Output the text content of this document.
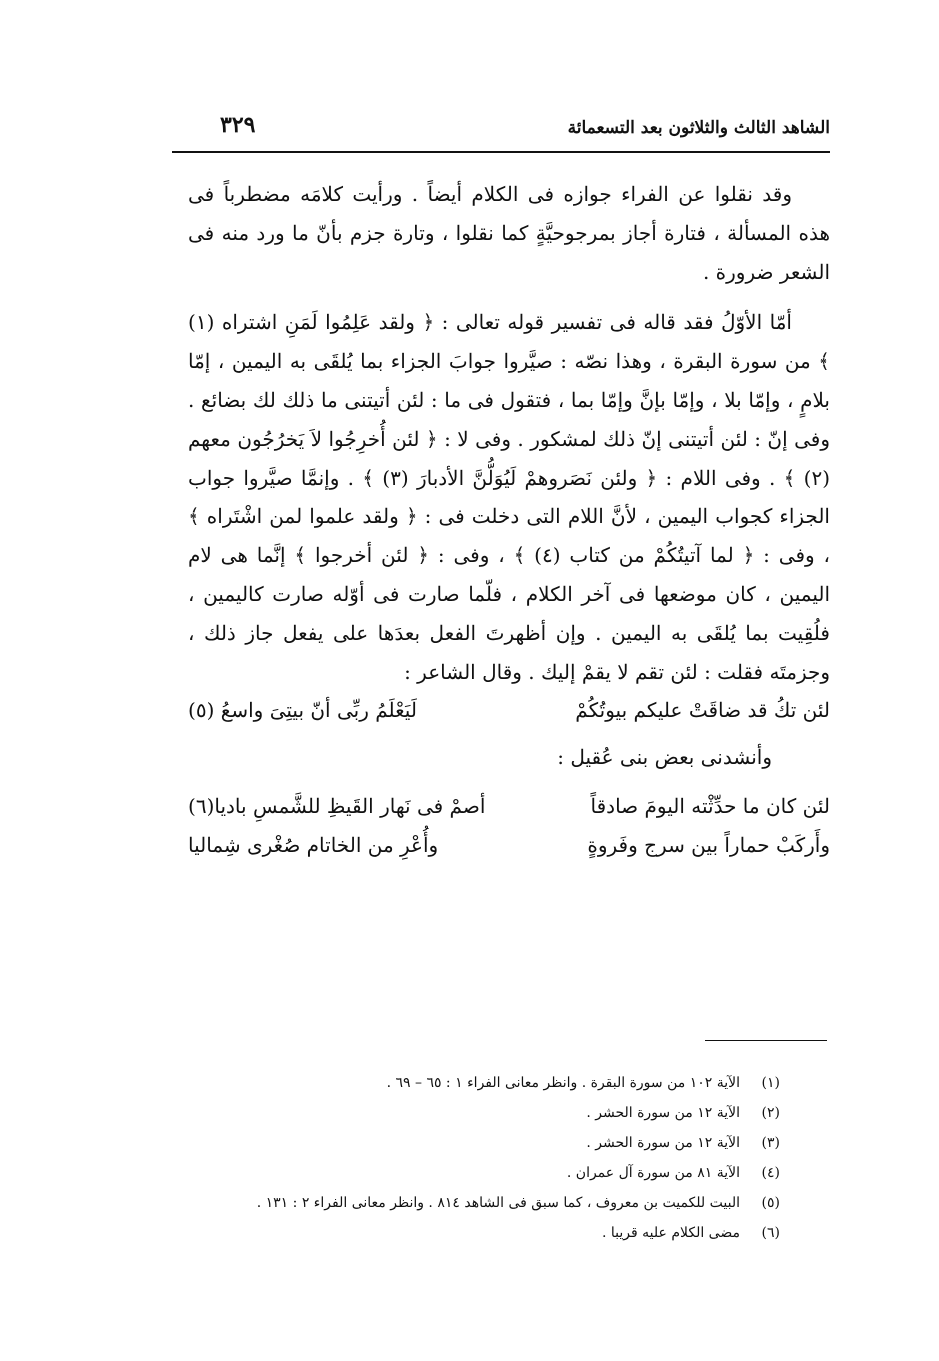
الشاهد الثالث والثلاثون بعد التسعمائة
٣٢٩

وقد نقلوا عن الفراء جوازه فى الكلام أيضاً . ورأيت كلامَه مضطرباً فى هذه المسألة ، فتارة أجاز بمرجوحيَّةٍ كما نقلوا ، وتارة جزم بأنّ ما ورد منه فى الشعر ضرورة .

أمّا الأوّلُ فقد قاله فى تفسير قوله تعالى : ﴿ ولقد عَلِمُوا لَمَنِ اشتراه (١) ﴾ من سورة البقرة ، وهذا نصّه : صيَّروا جوابَ الجزاء بما يُلقَى به اليمين ، إمّا بلامٍ ، وإمّا بلا ، وإمّا بإنَّ وإمّا بما ، فتقول فى ما : لئن أتيتنى ما ذلك لك بضائع . وفى إنّ : لئن أتيتنى إنّ ذلك لمشكور . وفى لا : ﴿ لئن أُخرِجُوا لاَ يَخرُجُون معهم (٢) ﴾ . وفى اللام : ﴿ ولئن نَصَروهمْ لَيُوَلُّنَّ الأدبارَ (٣) ﴾ . وإنمَّا صيَّروا جواب الجزاء كجواب اليمين ، لأنَّ اللام التى دخلت فى : ﴿ ولقد علموا لمن اشْتَراه ﴾ ، وفى : ﴿ لما آتيتُكُمْ من كتاب (٤) ﴾ ، وفى : ﴿ لئن أخرجوا ﴾ إنَّما هى لام اليمين ، كان موضعها فى آخر الكلام ، فلّما صارت فى أوّله صارت كاليمين ، فلُقِيت بما يُلقَى به اليمين . وإن أظهرتَ الفعل بعدَها على يفعل جاز ذلك ، وجزمتَه فقلت : لئن تقم لا يقمْ إليك . وقال الشاعر :

لئن تكُ قد ضاقَتْ عليكم بيوتُكُمْ
لَيَعْلَمُ ربِّى أنّ بيتِىَ واسعُ (٥)

وأنشدنى بعض بنى عُقيل :

لئن كان ما حدِّثْته اليومَ صادقاً
أصمْ فى نَهار القَيظِ للشَّمسِ باديا(٦)
وأَركَبْ حماراً بين سرج وفَروةٍ
وأُعْرِ من الخاتام صُغْرى شِماليا
(١)الآية ١٠٢ من سورة البقرة . وانظر معانى الفراء ١ : ٦٥ – ٦٩ .
(٢)الآية ١٢ من سورة الحشر .
(٣)الآية ١٢ من سورة الحشر .
(٤)الآية ٨١ من سورة آل عمران .
(٥)البيت للكميت بن معروف ، كما سبق فى الشاهد ٨١٤ . وانظر معانى الفراء ٢ : ١٣١ .
(٦)مضى الكلام عليه قريبا .
